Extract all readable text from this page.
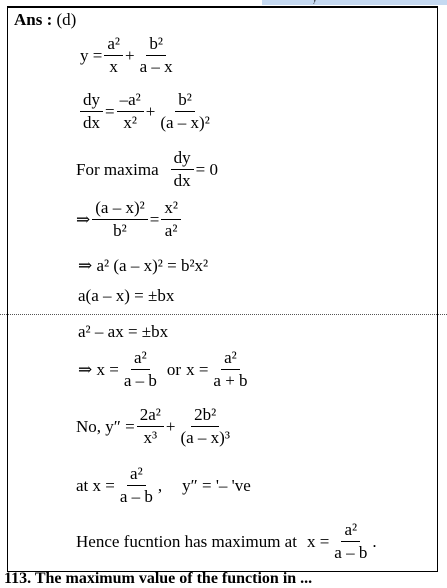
y
Ans : (d)
$y = \frac{\text{a²}}{x} + \frac{\text{b²}}{a - x}$
$\frac{dy}{dx} = \frac{\text{–a²}}{\text{x²}} + \frac{\text{b²}}{\text{(a – x)²}}$
For maxima $\frac{dy}{dx} = 0$
⇒ $\frac{\text{(a – x)²}}{\text{b²}} = \frac{\text{x²}}{\text{a²}}$
⇒ a² (a – x)² = b²x²
a(a – x) = ±bx
a² – ax = ±bx
⇒ $x = \frac{\text{a²}}{a - b}$ or $x = \frac{\text{a²}}{a + b}$
No, $y'' = \frac{\text{2a²}}{\text{x³}} + \frac{\text{2b²}}{\text{(a – x)³}}$
at $x = \frac{\text{a²}}{a - b}$ , y″ = '– 've
Hence fucntion has maximum at $x = \frac{\text{a²}}{a - b}$ .
113. The maximum value of the function in ...
